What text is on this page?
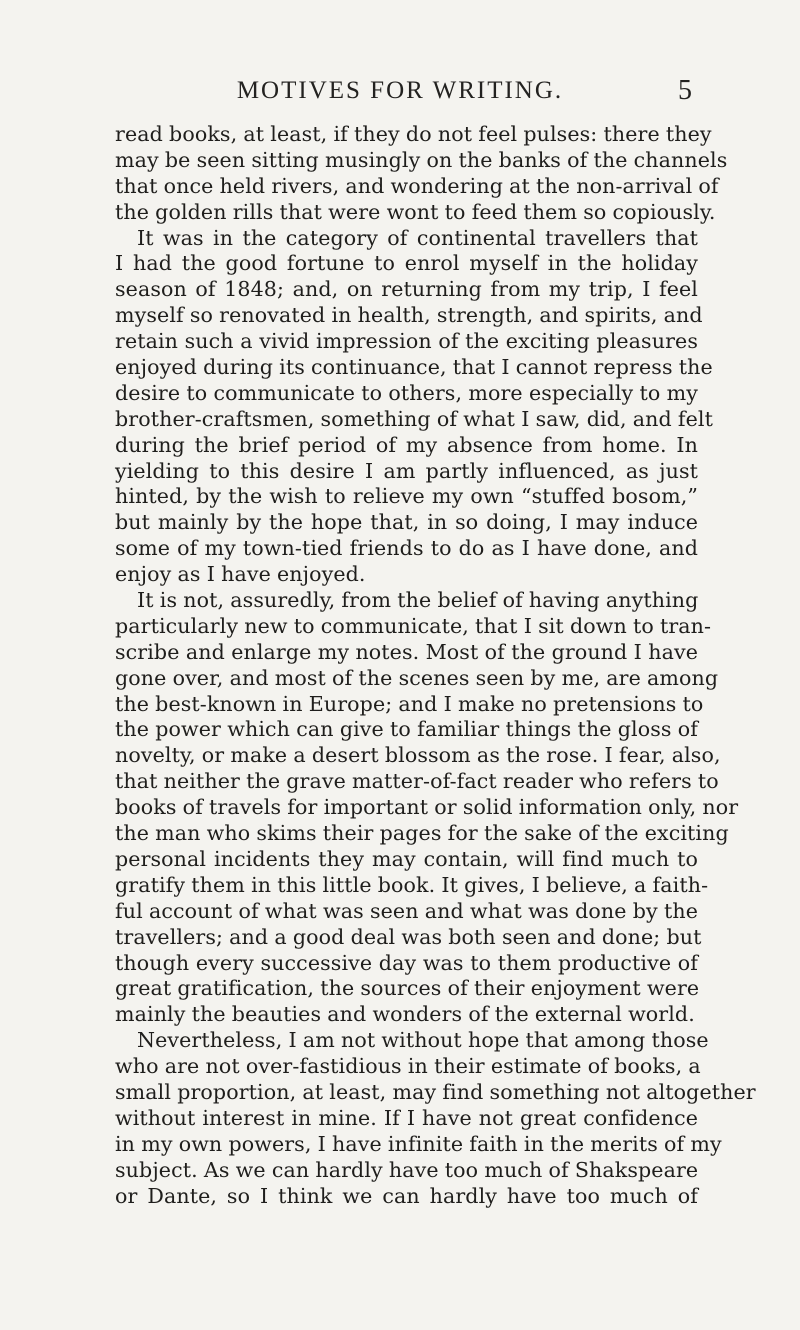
MOTIVES FOR WRITING.	5
read books, at least, if they do not feel pulses: there they
may be seen sitting musingly on the banks of the channels
that once held rivers, and wondering at the non-arrival of
the golden rills that were wont to feed them so copiously.
It was in the category of continental travellers that
I had the good fortune to enrol myself in the holiday
season of 1848; and, on returning from my trip, I feel
myself so renovated in health, strength, and spirits, and
retain such a vivid impression of the exciting pleasures
enjoyed during its continuance, that I cannot repress the
desire to communicate to others, more especially to my
brother-craftsmen, something of what I saw, did, and felt
during the brief period of my absence from home. In
yielding to this desire I am partly influenced, as just
hinted, by the wish to relieve my own “stuffed bosom,”
but mainly by the hope that, in so doing, I may induce
some of my town-tied friends to do as I have done, and
enjoy as I have enjoyed.
It is not, assuredly, from the belief of having anything
particularly new to communicate, that I sit down to tran-
scribe and enlarge my notes. Most of the ground I have
gone over, and most of the scenes seen by me, are among
the best-known in Europe; and I make no pretensions to
the power which can give to familiar things the gloss of
novelty, or make a desert blossom as the rose. I fear, also,
that neither the grave matter-of-fact reader who refers to
books of travels for important or solid information only, nor
the man who skims their pages for the sake of the exciting
personal incidents they may contain, will find much to
gratify them in this little book. It gives, I believe, a faith-
ful account of what was seen and what was done by the
travellers; and a good deal was both seen and done; but
though every successive day was to them productive of
great gratification, the sources of their enjoyment were
mainly the beauties and wonders of the external world.
Nevertheless, I am not without hope that among those
who are not over-fastidious in their estimate of books, a
small proportion, at least, may find something not altogether
without interest in mine. If I have not great confidence
in my own powers, I have infinite faith in the merits of my
subject. As we can hardly have too much of Shakspeare
or Dante, so I think we can hardly have too much of
